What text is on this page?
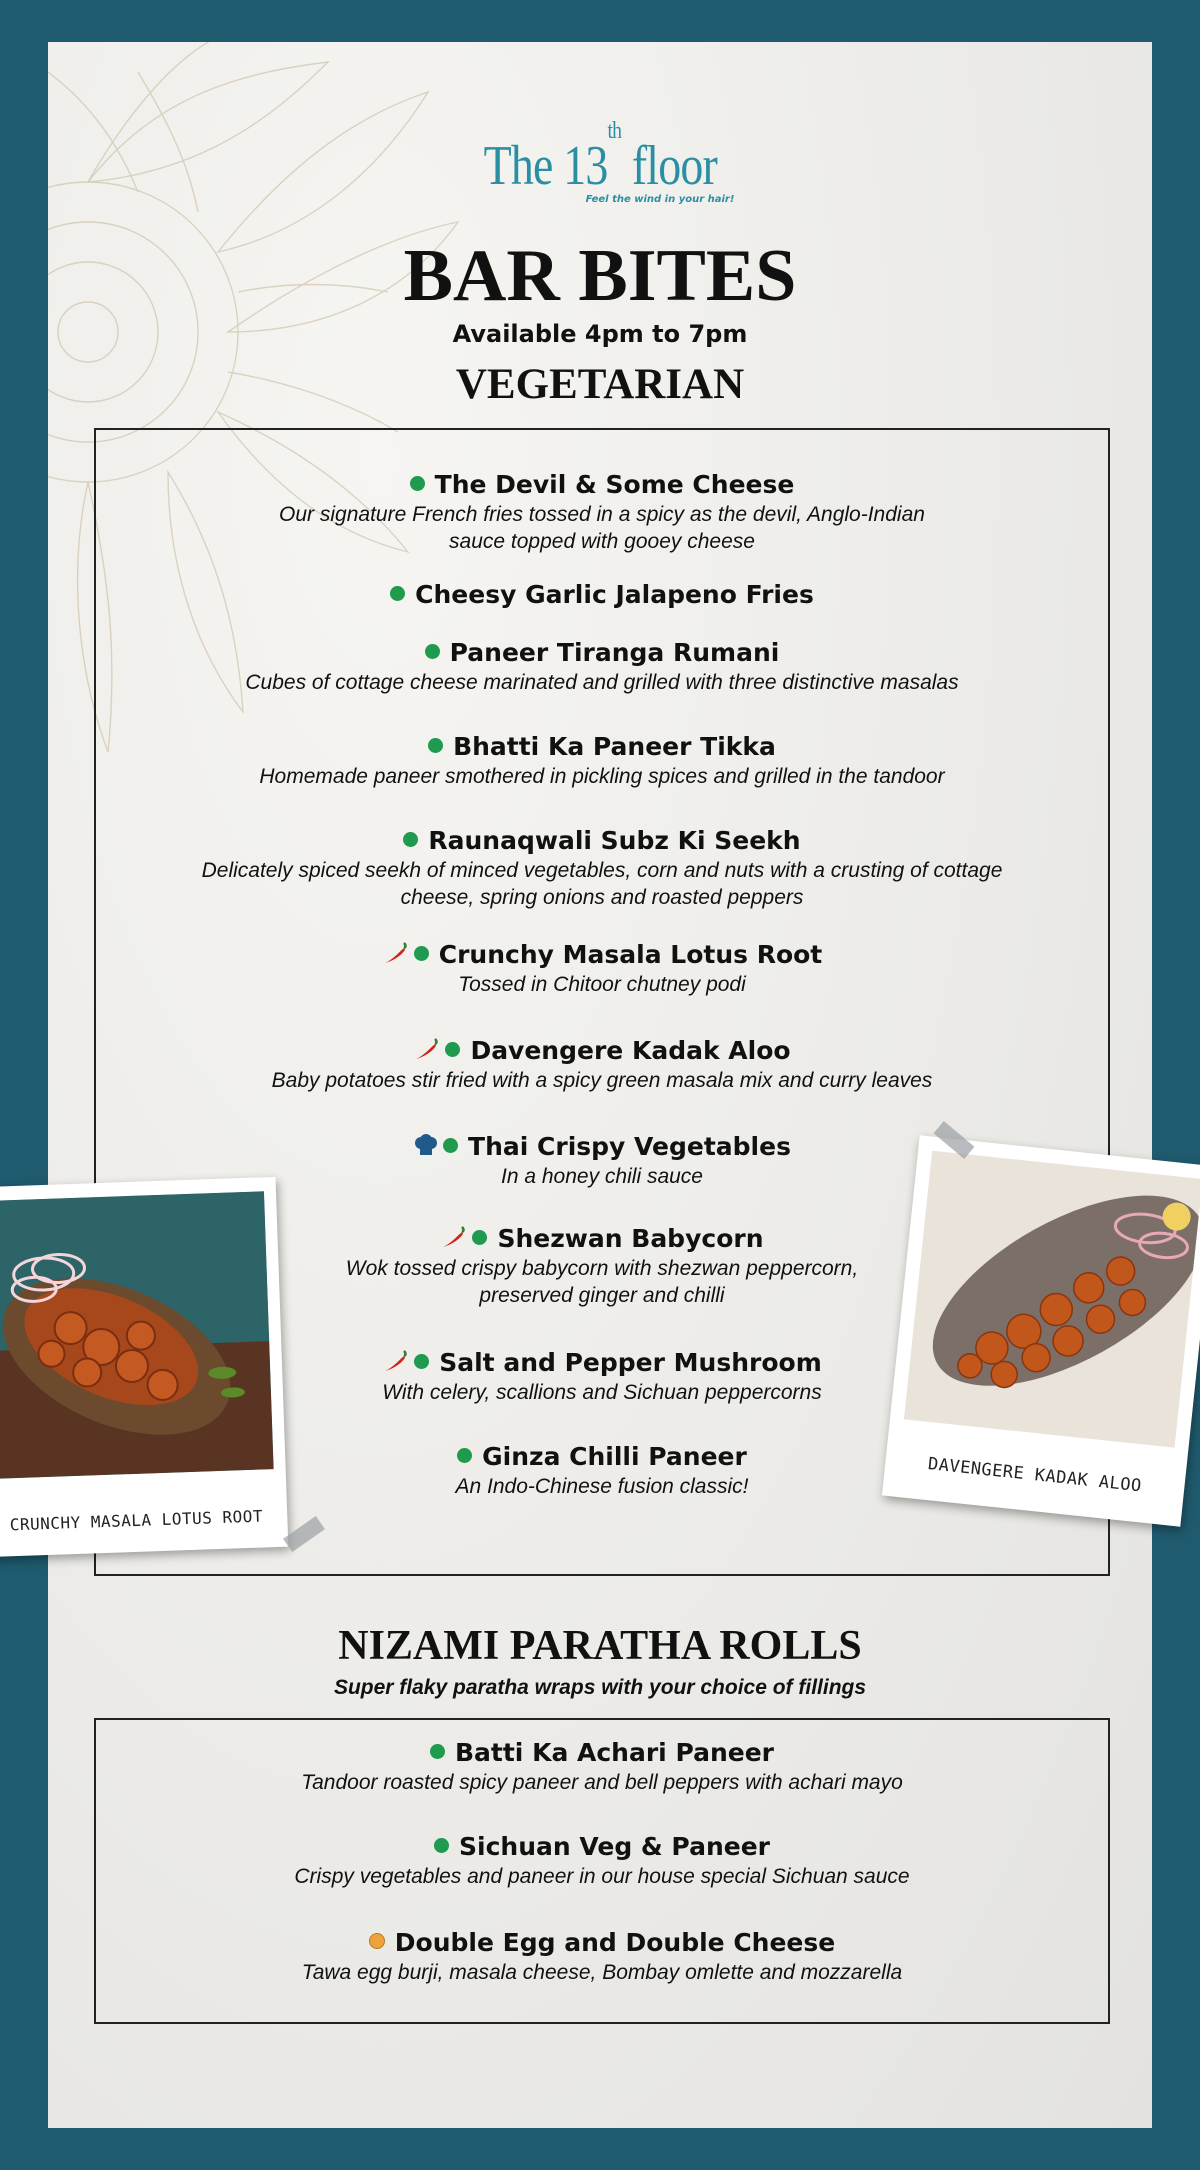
The 13th floor
Feel the wind in your hair!
BAR BITES
Available 4pm to 7pm
VEGETARIAN
The Devil & Some Cheese
Our signature French fries tossed in a spicy as the devil, Anglo-Indian
sauce topped with gooey cheese
Cheesy Garlic Jalapeno Fries
Paneer Tiranga Rumani
Cubes of cottage cheese marinated and grilled with three distinctive masalas
Bhatti Ka Paneer Tikka
Homemade paneer smothered in pickling spices and grilled in the tandoor
Raunaqwali Subz Ki Seekh
Delicately spiced seekh of minced vegetables, corn and nuts with a crusting of cottage
cheese, spring onions and roasted peppers
Crunchy Masala Lotus Root
Tossed in Chitoor chutney podi
Davengere Kadak Aloo
Baby potatoes stir fried with a spicy green masala mix and curry leaves
Thai Crispy Vegetables
In a honey chili sauce
Shezwan Babycorn
Wok tossed crispy babycorn with shezwan peppercorn,
preserved ginger and chilli
Salt and Pepper Mushroom
With celery, scallions and Sichuan peppercorns
Ginza Chilli Paneer
An Indo-Chinese fusion classic!
NIZAMI PARATHA ROLLS
Super flaky paratha wraps with your choice of fillings
Batti Ka Achari Paneer
Tandoor roasted spicy paneer and bell peppers with achari mayo
Sichuan Veg & Paneer
Crispy vegetables and paneer in our house special Sichuan sauce
Double Egg and Double Cheese
Tawa egg burji, masala cheese, Bombay omlette and mozzarella
CRUNCHY MASALA LOTUS ROOT
DAVENGERE KADAK ALOO
